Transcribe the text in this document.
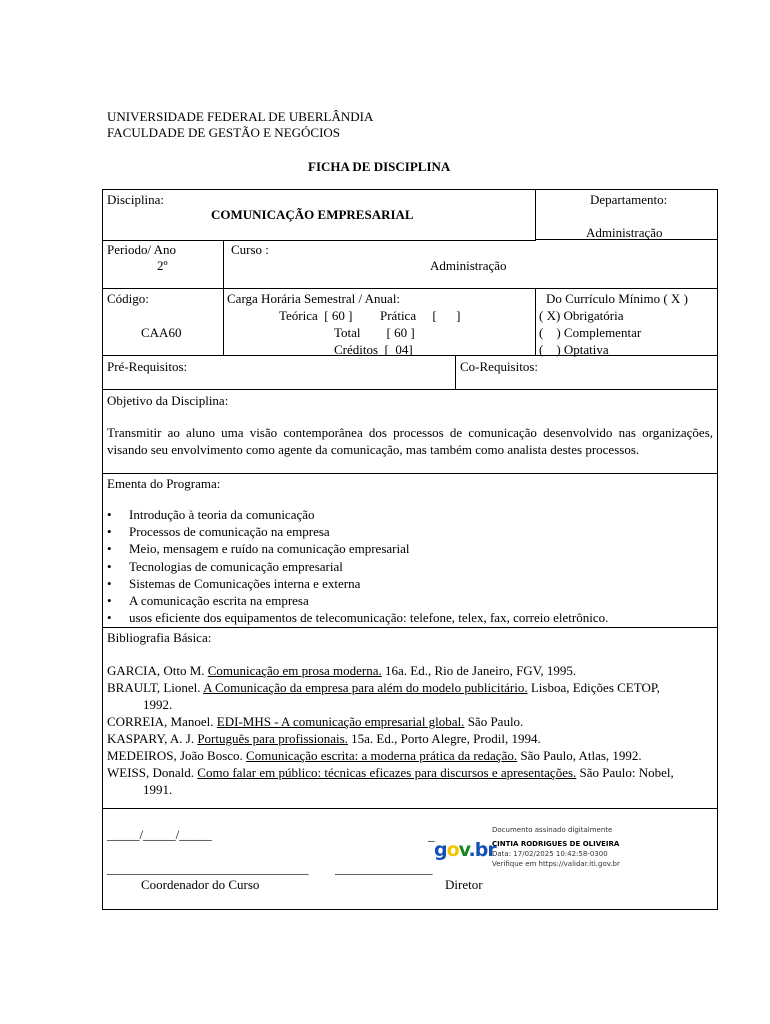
UNIVERSIDADE FEDERAL DE UBERLÂNDIA
FACULDADE DE GESTÃO E NEGÓCIOS
FICHA DE DISCIPLINA
Disciplina:
COMUNICAÇÃO EMPRESARIAL
Departamento:
Administração
Periodo/ Ano
2º
Curso :
Administração
Código:
CAA60
Carga Horária Semestral / Anual:
Teórica  [ 60 ] Prática     [      ]
Total        [ 60 ]
Créditos  [  04]
Do Currículo Mínimo ( X )
( X) Obrigatória
(    ) Complementar
(    ) Optativa
Pré-Requisitos:	Co-Requisitos:
Objetivo da Disciplina:
Transmitir ao aluno uma visão contemporânea dos processos de comunicação desenvolvido nas organizações, visando seu envolvimento como agente da comunicação, mas também como analista destes processos.
Ementa do Programa:
• Introdução à teoria da comunicação
• Processos de comunicação na empresa
• Meio, mensagem e ruído na comunicação empresarial
• Tecnologias de comunicação empresarial
• Sistemas de Comunicações interna e externa
• A comunicação escrita na empresa
• usos eficiente dos equipamentos de telecomunicação: telefone, telex, fax, correio eletrônico.
Bibliografia Básica:
GARCIA, Otto M. Comunicação em prosa moderna. 16a. Ed., Rio de Janeiro, FGV, 1995.
BRAULT, Lionel. A Comunicação da empresa para além do modelo publicitário. Lisboa, Edições CETOP,
1992.
CORREIA, Manoel. EDI-MHS - A comunicação empresarial global. São Paulo.
KASPARY, A. J. Português para profissionais. 15a. Ed., Porto Alegre, Prodil, 1994.
MEDEIROS, João Bosco. Comunicação escrita: a moderna prática da redação. São Paulo, Atlas, 1992.
WEISS, Donald. Como falar em público: técnicas eficazes para discursos e apresentações. São Paulo: Nobel,
1991.
_____/_____/_____
_______________________________ _______________
_
Coordenador do Curso	Diretor
gov.br
Documento assinado digitalmente
CINTIA RODRIGUES DE OLIVEIRA
Data: 17/02/2025 10:42:58-0300
Verifique em https://validar.iti.gov.br
